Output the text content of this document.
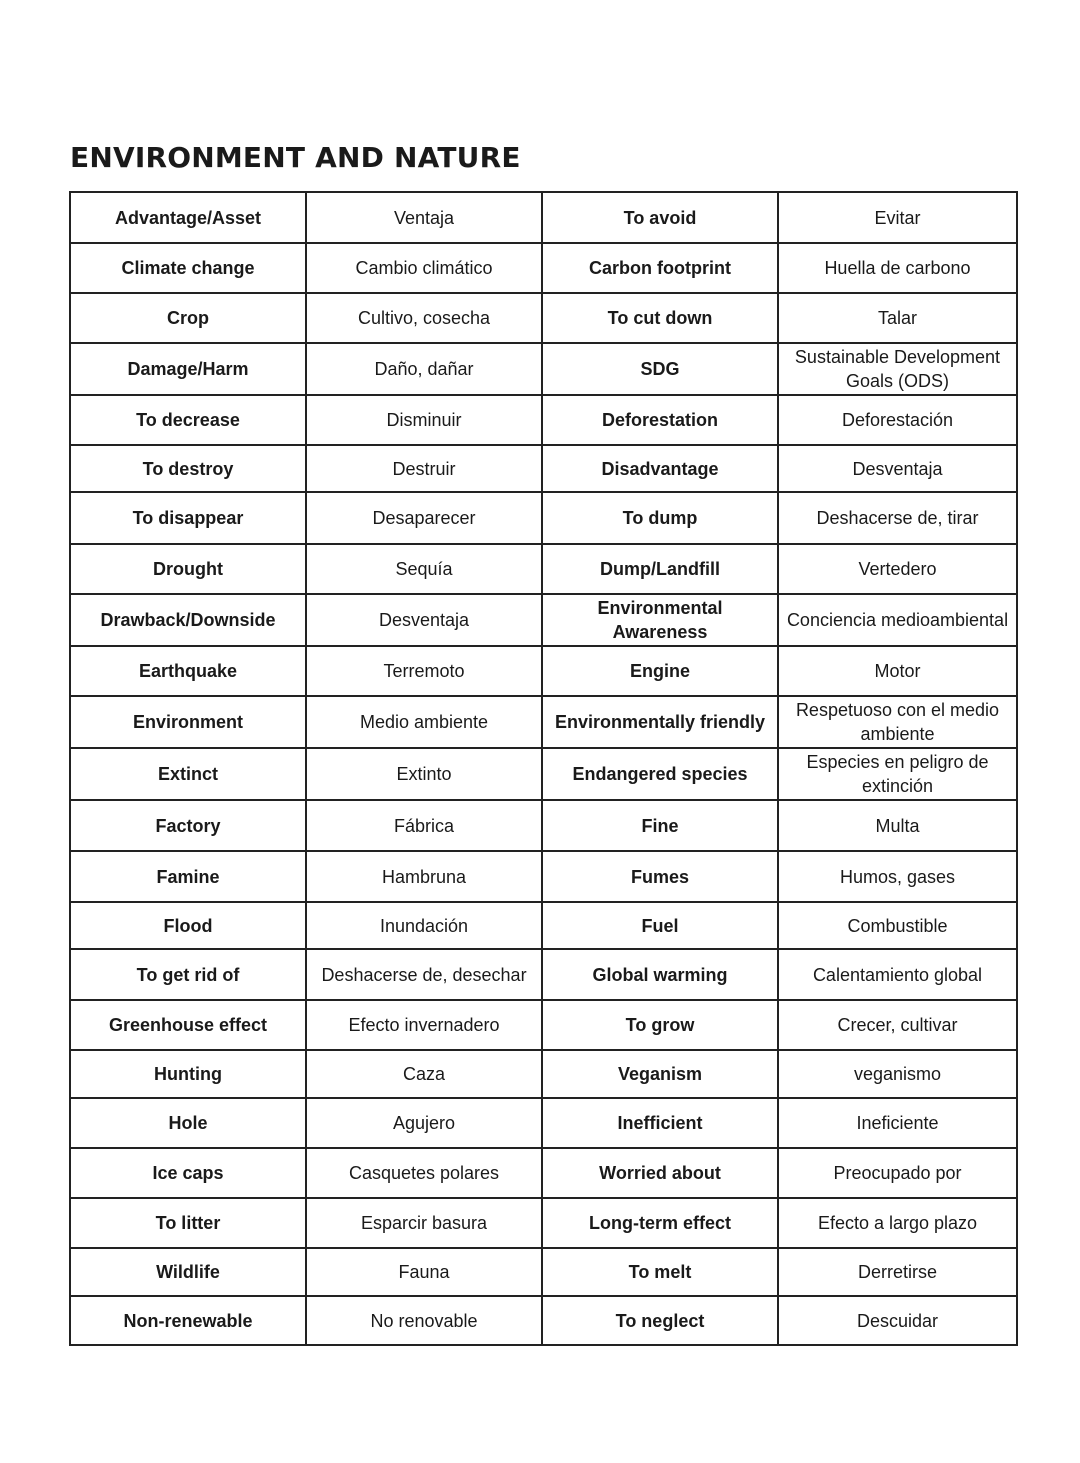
ENVIRONMENT AND NATURE
Advantage/Asset	Ventaja	To avoid	Evitar
Climate change	Cambio climático	Carbon footprint	Huella de carbono
Crop	Cultivo, cosecha	To cut down	Talar
Damage/Harm	Daño, dañar	SDG	Sustainable Development Goals (ODS)
To decrease	Disminuir	Deforestation	Deforestación
To destroy	Destruir	Disadvantage	Desventaja
To disappear	Desaparecer	To dump	Deshacerse de, tirar
Drought	Sequía	Dump/Landfill	Vertedero
Drawback/Downside	Desventaja	Environmental Awareness	Conciencia medioambiental
Earthquake	Terremoto	Engine	Motor
Environment	Medio ambiente	Environmentally friendly	Respetuoso con el medio ambiente
Extinct	Extinto	Endangered species	Especies en peligro de extinción
Factory	Fábrica	Fine	Multa
Famine	Hambruna	Fumes	Humos, gases
Flood	Inundación	Fuel	Combustible
To get rid of	Deshacerse de, desechar	Global warming	Calentamiento global
Greenhouse effect	Efecto invernadero	To grow	Crecer, cultivar
Hunting	Caza	Veganism	veganismo
Hole	Agujero	Inefficient	Ineficiente
Ice caps	Casquetes polares	Worried about	Preocupado por
To litter	Esparcir basura	Long-term effect	Efecto a largo plazo
Wildlife	Fauna	To melt	Derretirse
Non-renewable	No renovable	To neglect	Descuidar
